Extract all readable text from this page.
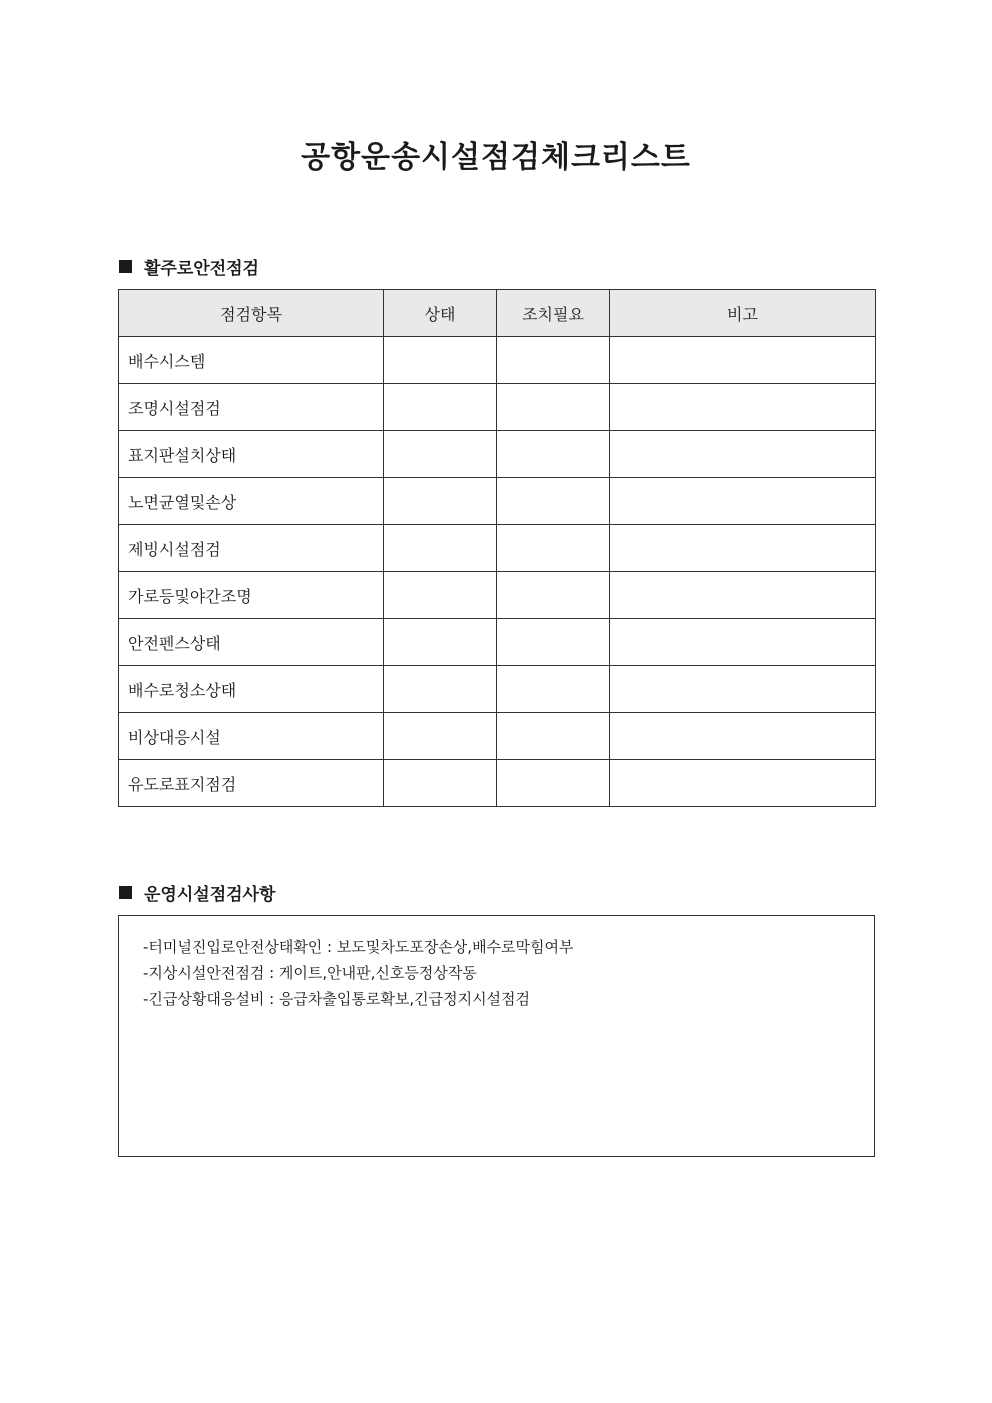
공항운송시설점검체크리스트
활주로안전점검
점검항목	상태	조치필요	비고
배수시스템			
조명시설점검			
표지판설치상태			
노면균열및손상			
제빙시설점검			
가로등및야간조명			
안전펜스상태			
배수로청소상태			
비상대응시설			
유도로표지점검			
운영시설점검사항
-터미널진입로안전상태확인 : 보도및차도포장손상,배수로막힘여부
-지상시설안전점검 : 게이트,안내판,신호등정상작동
-긴급상황대응설비 : 응급차출입통로확보,긴급정지시설점검
